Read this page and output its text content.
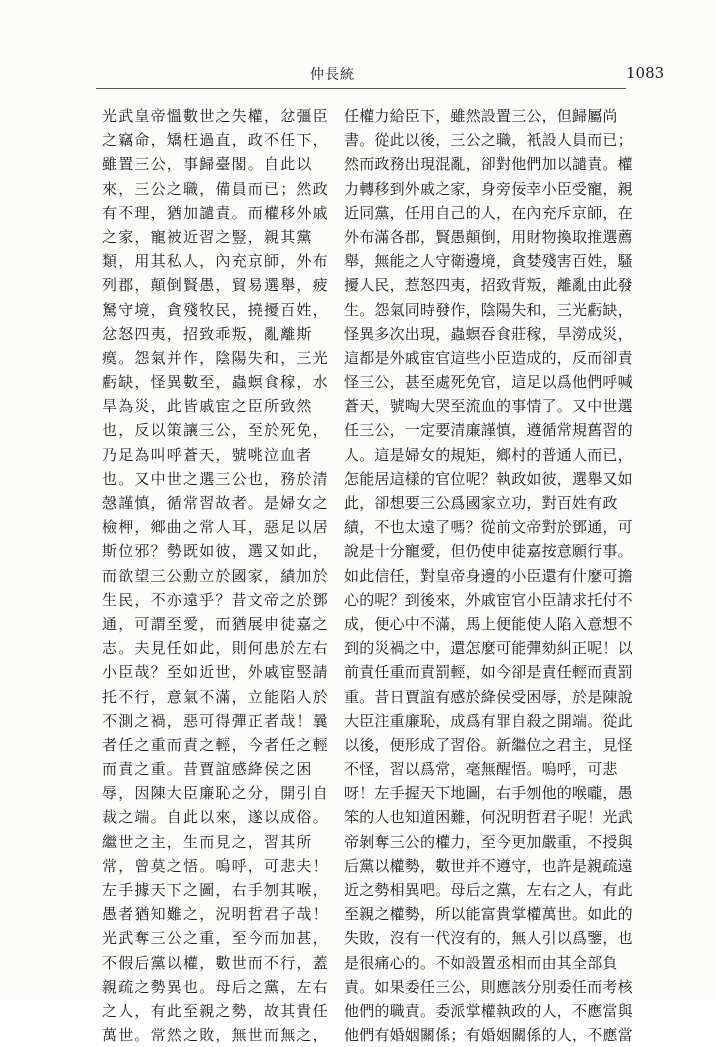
仲長統	1083
光武皇帝慍數世之失權，忿彊臣
之竊命，矯枉過直，政不任下，
雖置三公，事歸臺閣。自此以
來，三公之職，備員而已；然政
有不理，猶加譴責。而權移外戚
之家，寵被近習之豎，親其黨
類，用其私人，內充京師，外布
列郡，顛倒賢愚，貿易選舉，疲
駑守境，貪殘牧民，撓擾百姓，
忿怒四夷，招致乖叛，亂離斯
瘼。怨氣并作，陰陽失和，三光
虧缺，怪異數至，蟲螟食稼，水
旱為災，此皆戚宦之臣所致然
也，反以策讓三公，至於死免，
乃足為叫呼蒼天，號咷泣血者
也。又中世之選三公也，務於清
愨謹慎，循常習故者。是婦女之
檢柙，鄉曲之常人耳，惡足以居
斯位邪？勢既如彼，選又如此，
而欲望三公勳立於國家，績加於
生民，不亦遠乎？昔文帝之於鄧
通，可謂至愛，而猶展申徒嘉之
志。夫見任如此，則何患於左右
小臣哉？至如近世，外戚宦竪請
托不行，意氣不滿，立能陷人於
不測之禍，惡可得彈正者哉！曩
者任之重而責之輕，今者任之輕
而責之重。昔賈誼感絳侯之困
辱，因陳大臣廉恥之分，開引自
裁之端。自此以來，遂以成俗。
繼世之主，生而見之，習其所
常，曾莫之悟。嗚呼，可悲夫！
左手據天下之圖，右手刎其喉，
愚者猶知難之，況明哲君子哉！
光武奪三公之重，至今而加甚，
不假后黨以權，數世而不行，蓋
親疏之勢異也。母后之黨，左右
之人，有此至親之勢，故其貴任
萬世。常然之敗，無世而無之，
任權力給臣下，雖然設置三公，但歸屬尚
書。從此以後，三公之職，衹設人員而已；
然而政務出現混亂，卻對他們加以譴責。權
力轉移到外戚之家，身旁佞幸小臣受寵，親
近同黨，任用自己的人，在內充斥京師，在
外布滿各郡，賢愚顛倒，用財物換取推選薦
舉，無能之人守衛邊境，貪婪殘害百姓，騷
擾人民，惹怒四夷，招致背叛，離亂由此發
生。怨氣同時發作，陰陽失和，三光虧缺，
怪異多次出現，蟲螟吞食莊稼，旱澇成災，
這都是外戚宦官這些小臣造成的，反而卻責
怪三公，甚至處死免官，這足以爲他們呼喊
蒼天，號啕大哭至流血的事情了。又中世選
任三公，一定要清廉謹慎，遵循常規舊習的
人。這是婦女的規矩，鄉村的普通人而已，
怎能居這樣的官位呢？執政如彼，選舉又如
此，卻想要三公爲國家立功，對百姓有政
績，不也太遠了嗎？從前文帝對於鄧通，可
說是十分寵愛，但仍使申徒嘉按意願行事。
如此信任，對皇帝身邊的小臣還有什麼可擔
心的呢？到後來，外戚宦官小臣請求托付不
成，便心中不滿，馬上便能使人陷入意想不
到的災禍之中，還怎麼可能彈劾糾正呢！以
前責任重而責罰輕，如今卻是責任輕而責罰
重。昔日賈誼有感於絳侯受困辱，於是陳說
大臣注重廉恥，成爲有罪自殺之開端。從此
以後，便形成了習俗。新繼位之君主，見怪
不怪，習以爲常，毫無醒悟。嗚呼，可悲
呀！左手握天下地圖，右手刎他的喉嚨，愚
笨的人也知道困難，何況明哲君子呢！光武
帝剝奪三公的權力，至今更加嚴重，不授與
后黨以權勢，數世并不遵守，也許是親疏遠
近之勢相異吧。母后之黨，左右之人，有此
至親之權勢，所以能富貴掌權萬世。如此的
失敗，沒有一代沒有的，無人引以爲鑒，也
是很痛心的。不如設置丞相而由其全部負
責。如果委任三公，則應該分別委任而考核
他們的職責。委派掌權執政的人，不應當與
他們有婚姻關係；有婚姻關係的人，不應當
